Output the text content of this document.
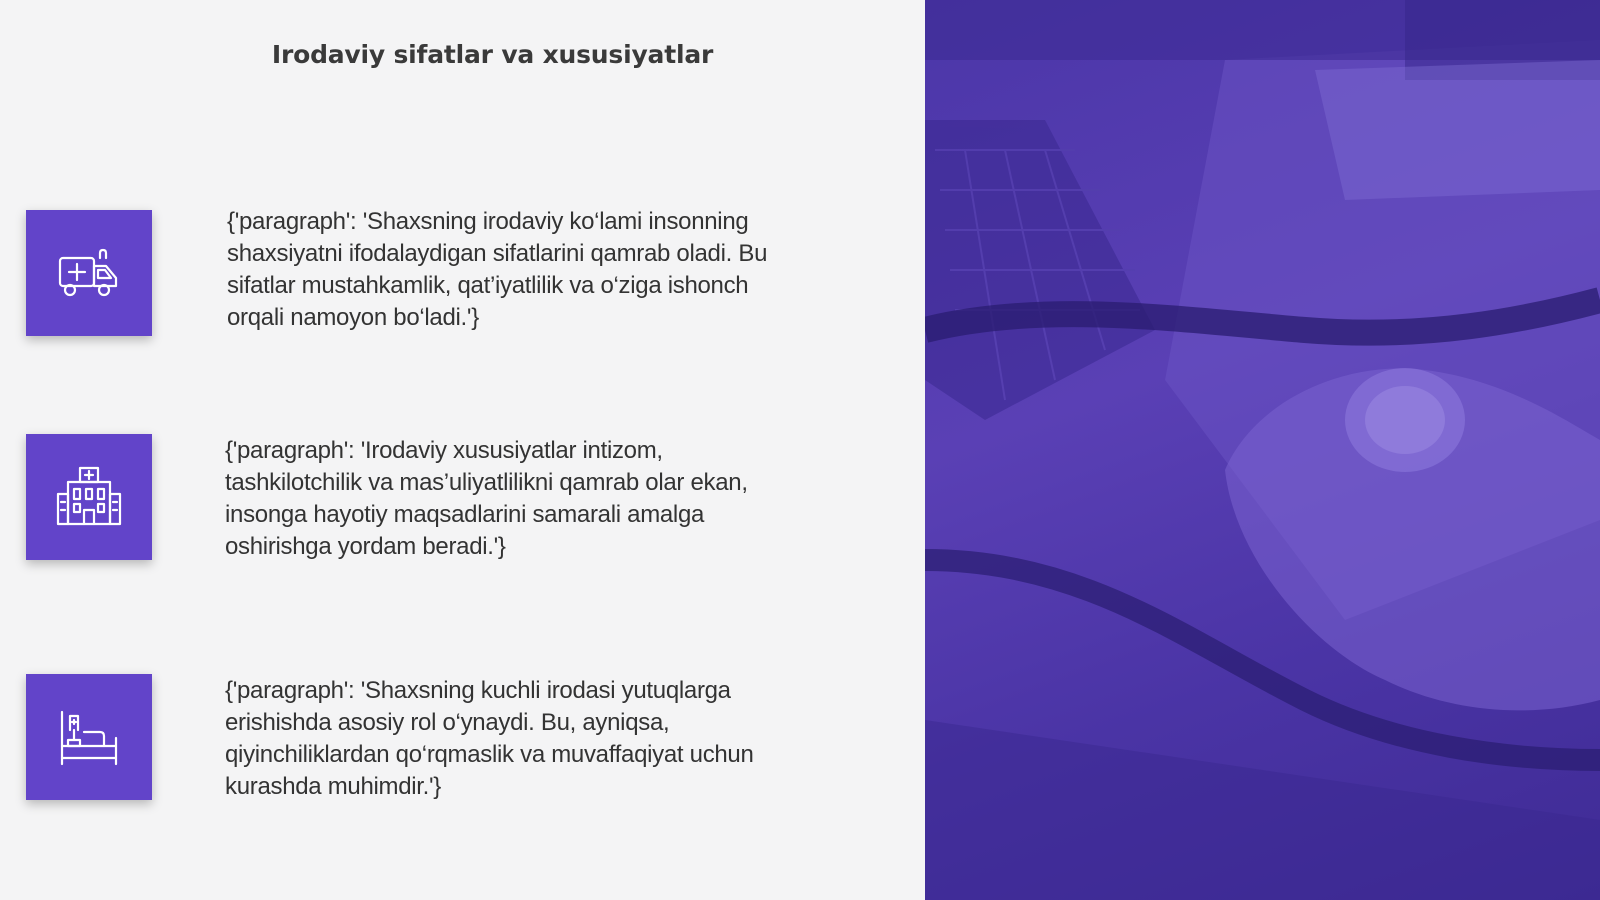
Irodaviy sifatlar va xususiyatlar
{'paragraph': 'Shaxsning irodaviy ko‘lami insonning shaxsiyatni ifodalaydigan sifatlarini qamrab oladi. Bu sifatlar mustahkamlik, qat’iyatlilik va o‘ziga ishonch orqali namoyon bo‘ladi.'}
{'paragraph': 'Irodaviy xususiyatlar intizom, tashkilotchilik va mas’uliyatlilikni qamrab olar ekan, insonga hayotiy maqsadlarini samarali amalga oshirishga yordam beradi.'}
{'paragraph': 'Shaxsning kuchli irodasi yutuqlarga erishishda asosiy rol o‘ynaydi. Bu, ayniqsa, qiyinchiliklardan qo‘rqmaslik va muvaffaqiyat uchun kurashda muhimdir.'}
